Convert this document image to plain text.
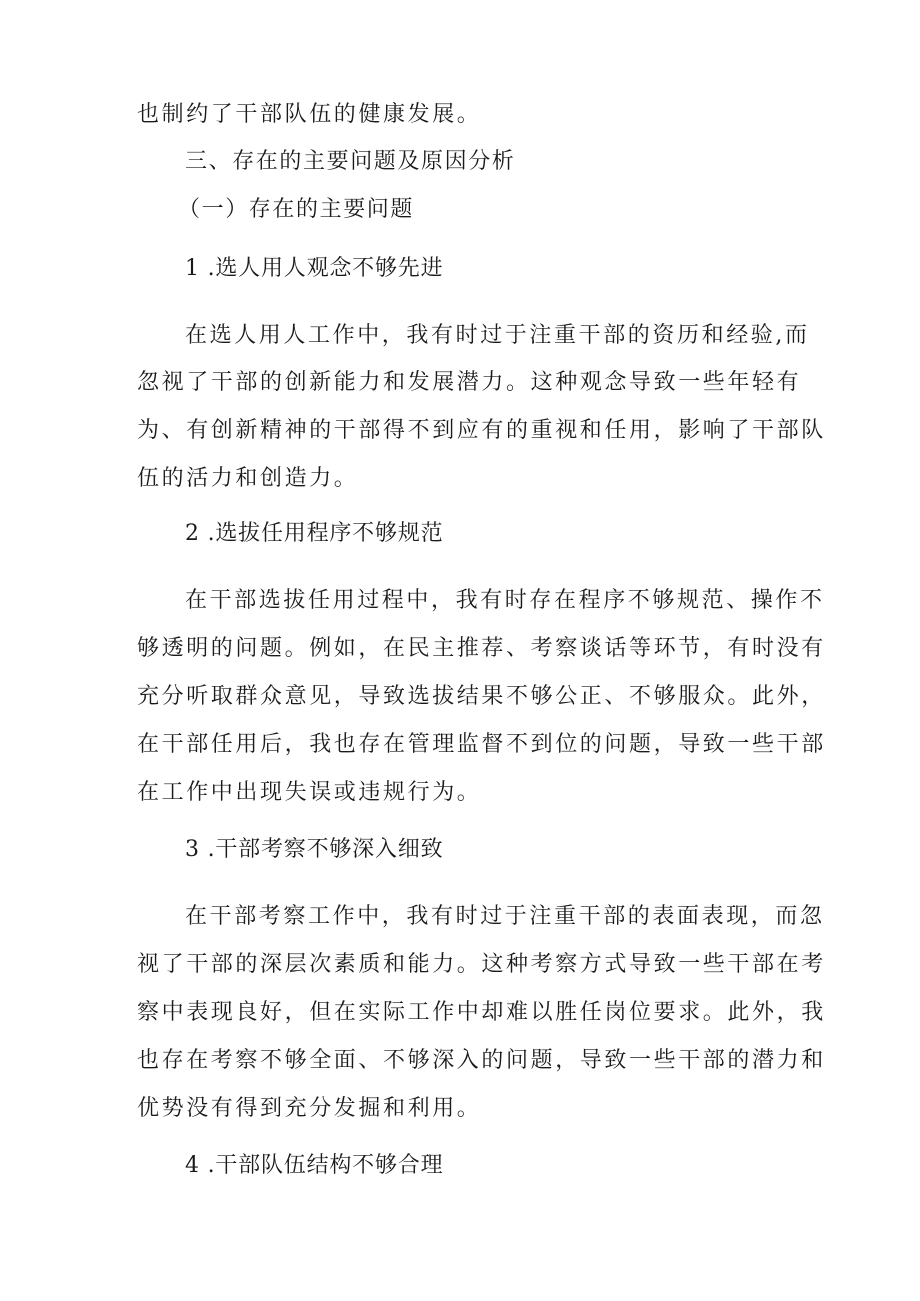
也制约了干部队伍的健康发展。
三、存在的主要问题及原因分析
（一）存在的主要问题
1 .选人用人观念不够先进
在选人用人工作中，我有时过于注重干部的资历和经验,而
忽视了干部的创新能力和发展潜力。这种观念导致一些年轻有
为、有创新精神的干部得不到应有的重视和任用，影响了干部队
伍的活力和创造力。
2 .选拔任用程序不够规范
在干部选拔任用过程中，我有时存在程序不够规范、操作不
够透明的问题。例如，在民主推荐、考察谈话等环节，有时没有
充分听取群众意见，导致选拔结果不够公正、不够服众。此外，
在干部任用后，我也存在管理监督不到位的问题，导致一些干部
在工作中出现失误或违规行为。
3 .干部考察不够深入细致
在干部考察工作中，我有时过于注重干部的表面表现，而忽
视了干部的深层次素质和能力。这种考察方式导致一些干部在考
察中表现良好，但在实际工作中却难以胜任岗位要求。此外，我
也存在考察不够全面、不够深入的问题，导致一些干部的潜力和
优势没有得到充分发掘和利用。
4 .干部队伍结构不够合理
